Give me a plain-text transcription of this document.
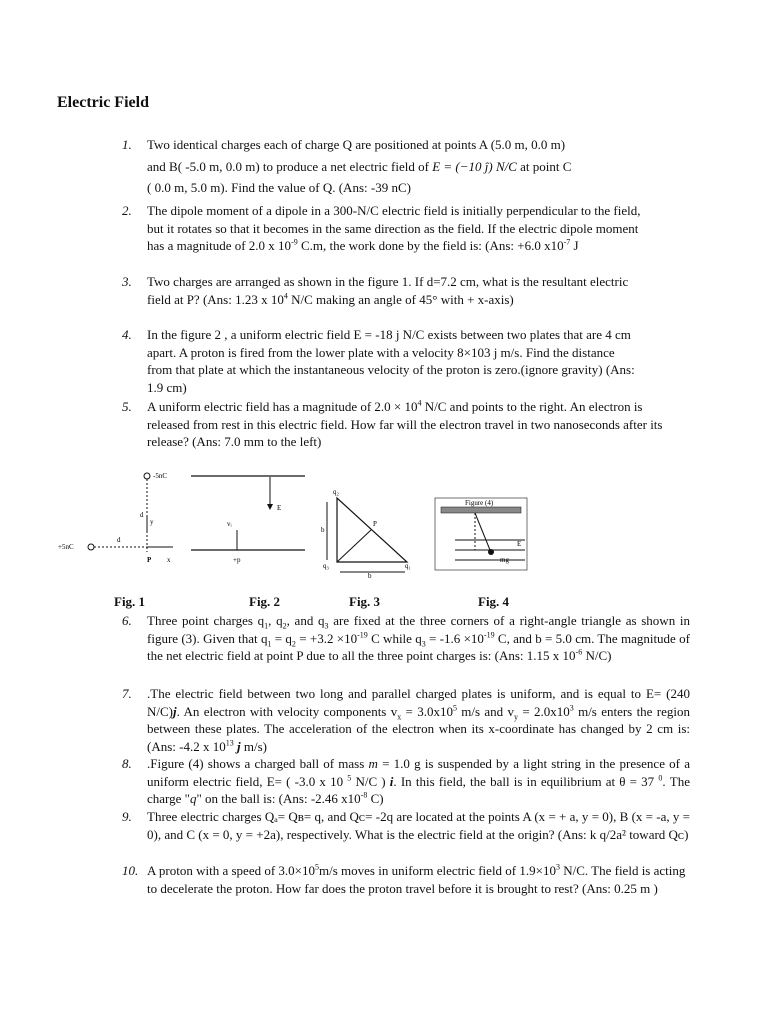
Electric Field
1.	Two identical charges each of charge Q are positioned at points A (5.0 m, 0.0 m)
and B( -5.0 m, 0.0 m) to produce a net electric field of E = (−10 ĵ) N/C at point C
( 0.0 m, 5.0 m). Find the value of Q. (Ans: -39 nC)
2.	The dipole moment of a dipole in a 300-N/C electric field is initially perpendicular to the field, but it rotates so that it becomes in the same direction as the field. If the electric dipole moment has a magnitude of 2.0 x $10^{-9}$ C.m, the work done by the field is: (Ans: +6.0 $x10^{-7}$ J
3.	Two charges are arranged as shown in the figure 1. If d=7.2 cm, what is the resultant electric field at P? (Ans: 1.23 x $10^4$ N/C making an angle of 45° with + x-axis)
4.	In the figure 2 , a uniform electric field E = -18 j N/C exists between two plates that are 4 cm apart. A proton is fired from the lower plate with a velocity 8×103 j m/s. Find the distance from that plate at which the instantaneous velocity of the proton is zero.(ignore gravity) (Ans: 1.9 cm)
5.	A uniform electric field has a magnitude of $2.0 \times 10^4$ N/C and points to the right. An electron is released from rest in this electric field. How far will the electron travel in two nanoseconds after its release? (Ans: 7.0 mm to the left)
-5nC
d
y
+5nC
d
P x
E
vᵢ
+p
q₂
P
b
q₃	q₁
b
Figure (4)
E
mg
Fig. 1	Fig. 2	Fig. 3	Fig. 4
6.	Three point charges $q_1$, $q_2$, and $q_3$ are fixed at the three corners of a right-angle triangle as shown in figure (3). Given that $q_1 = q_2 = +3.2 \times 10^{-19}$ C while $q_3 = -1.6 \times 10^{-19}$ C, and b = 5.0 cm. The magnitude of the net electric field at point P due to all the three point charges is: (Ans: 1.15 x $10^{-6}$ N/C)
7.	.The electric field between two long and parallel charged plates is uniform, and is equal to E= (240 N/C)j. An electron with velocity components $v_x = 3.0x10^5$ m/s and $v_y = 2.0x10^3$ m/s enters the region between these plates. The acceleration of the electron when its x-coordinate has changed by 2 cm is: (Ans: -4.2 x $10^{13}$ j m/s)
8.	.Figure (4) shows a charged ball of mass m = 1.0 g is suspended by a light string in the presence of a uniform electric field, E= ( -3.0 x 10 $^5$ N/C ) i. In this field, the ball is in equilibrium at θ = 37 $^0$. The charge "q" on the ball is: (Ans: -2.46 $x10^{-8}$ C)
9.	Three electric charges Qₐ= Qʙ= q, and Qᴄ= -2q are located at the points A (x = + a, y = 0), B (x = -a, y = 0), and C (x = 0, y = +2a), respectively. What is the electric field at the origin? (Ans: k q/2a² toward Qᴄ)
10. A proton with a speed of $3.0\times 10^5m/s$ moves in uniform electric field of $1.9\times 10^3$ N/C. The field is acting to decelerate the proton. How far does the proton travel before it is brought to rest? (Ans: 0.25 m )
